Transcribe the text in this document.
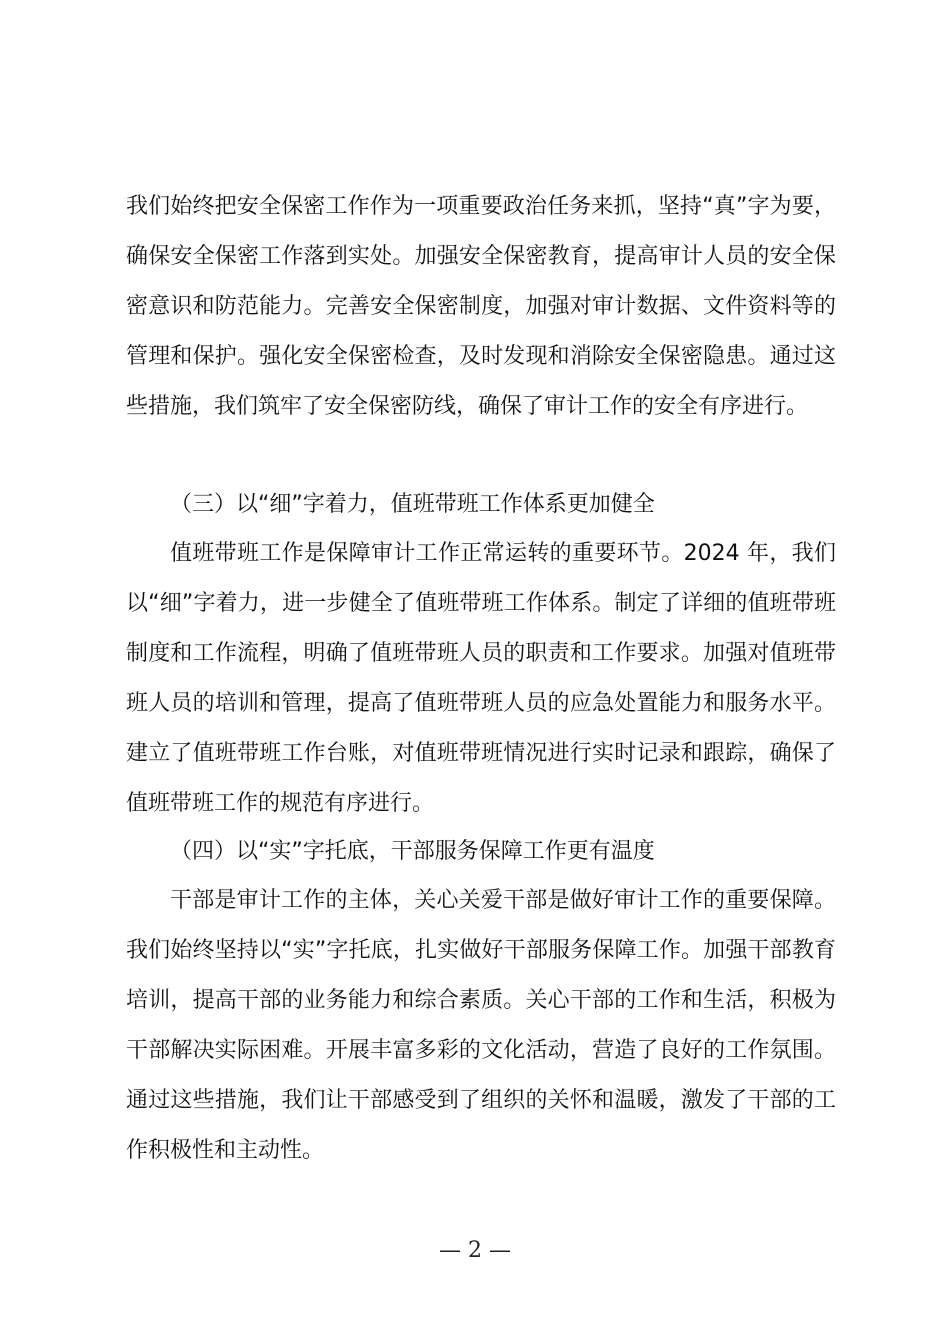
我们始终把安全保密工作作为一项重要政治任务来抓，坚持“真”字为要，确保安全保密工作落到实处。加强安全保密教育，提高审计人员的安全保密意识和防范能力。完善安全保密制度，加强对审计数据、文件资料等的管理和保护。强化安全保密检查，及时发现和消除安全保密隐患。通过这些措施，我们筑牢了安全保密防线，确保了审计工作的安全有序进行。

（三）以“细”字着力，值班带班工作体系更加健全

值班带班工作是保障审计工作正常运转的重要环节。2024 年，我们以“细”字着力，进一步健全了值班带班工作体系。制定了详细的值班带班制度和工作流程，明确了值班带班人员的职责和工作要求。加强对值班带班人员的培训和管理，提高了值班带班人员的应急处置能力和服务水平。建立了值班带班工作台账，对值班带班情况进行实时记录和跟踪，确保了值班带班工作的规范有序进行。

（四）以“实”字托底，干部服务保障工作更有温度

干部是审计工作的主体，关心关爱干部是做好审计工作的重要保障。我们始终坚持以“实”字托底，扎实做好干部服务保障工作。加强干部教育培训，提高干部的业务能力和综合素质。关心干部的工作和生活，积极为干部解决实际困难。开展丰富多彩的文化活动，营造了良好的工作氛围。通过这些措施，我们让干部感受到了组织的关怀和温暖，激发了干部的工作积极性和主动性。

— 2 —
